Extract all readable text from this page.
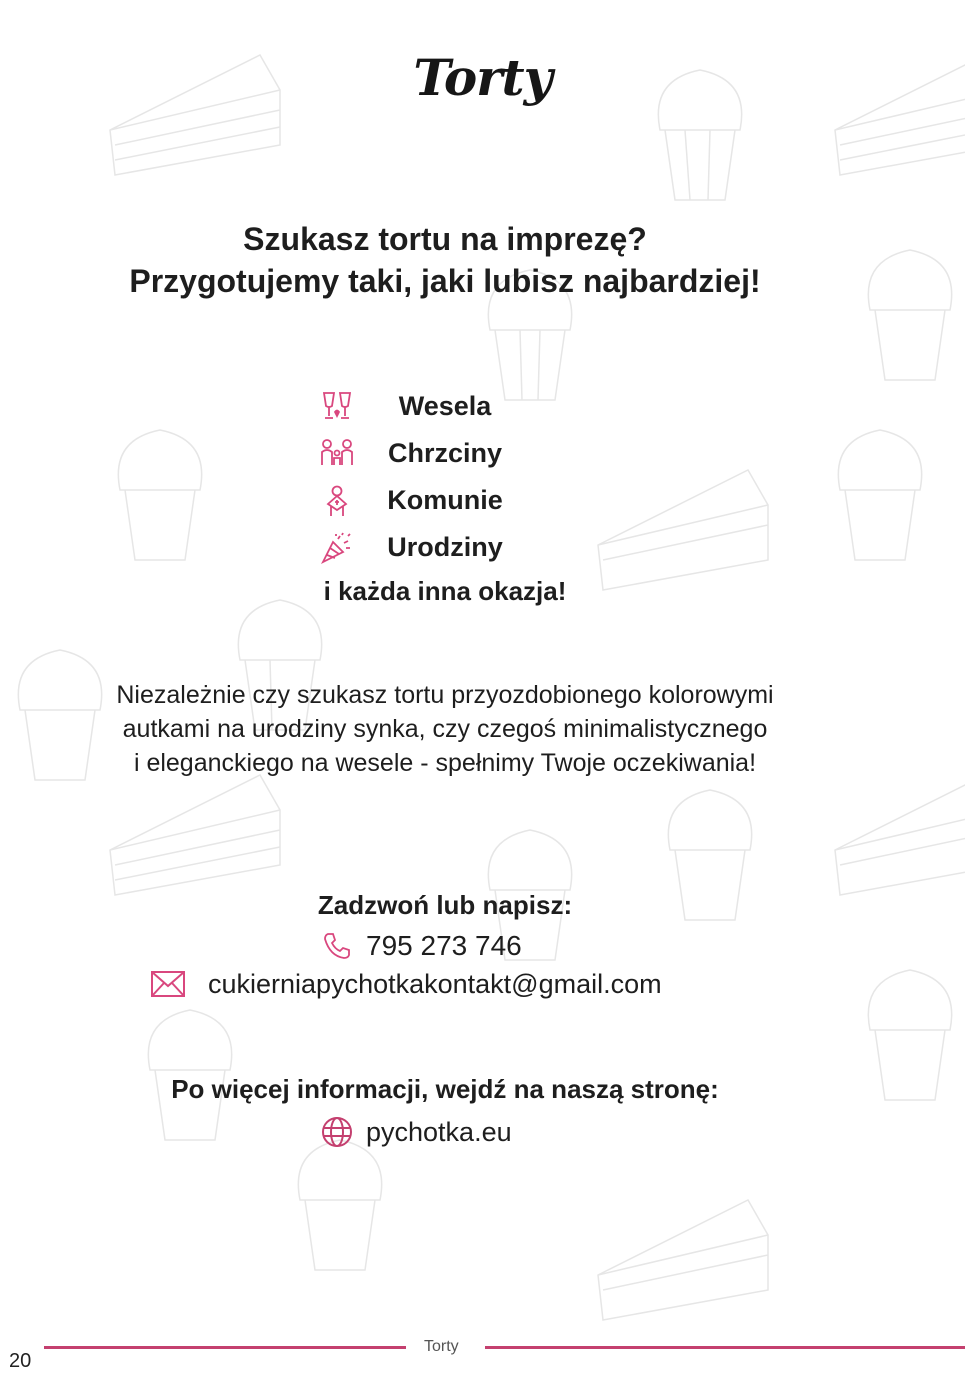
Torty
Szukasz tortu na imprezę?
Przygotujemy taki, jaki lubisz najbardziej!
Wesela
Chrzciny
Komunie
Urodziny
i każda inna okazja!
Niezależnie czy szukasz tortu przyozdobionego kolorowymi
autkami na urodziny synka, czy czegoś minimalistycznego
i eleganckiego na wesele - spełnimy Twoje oczekiwania!
Zadzwoń lub napisz:
795 273 746
cukierniapychotkakontakt@gmail.com
Po więcej informacji, wejdź na naszą stronę:
pychotka.eu
Torty
20
